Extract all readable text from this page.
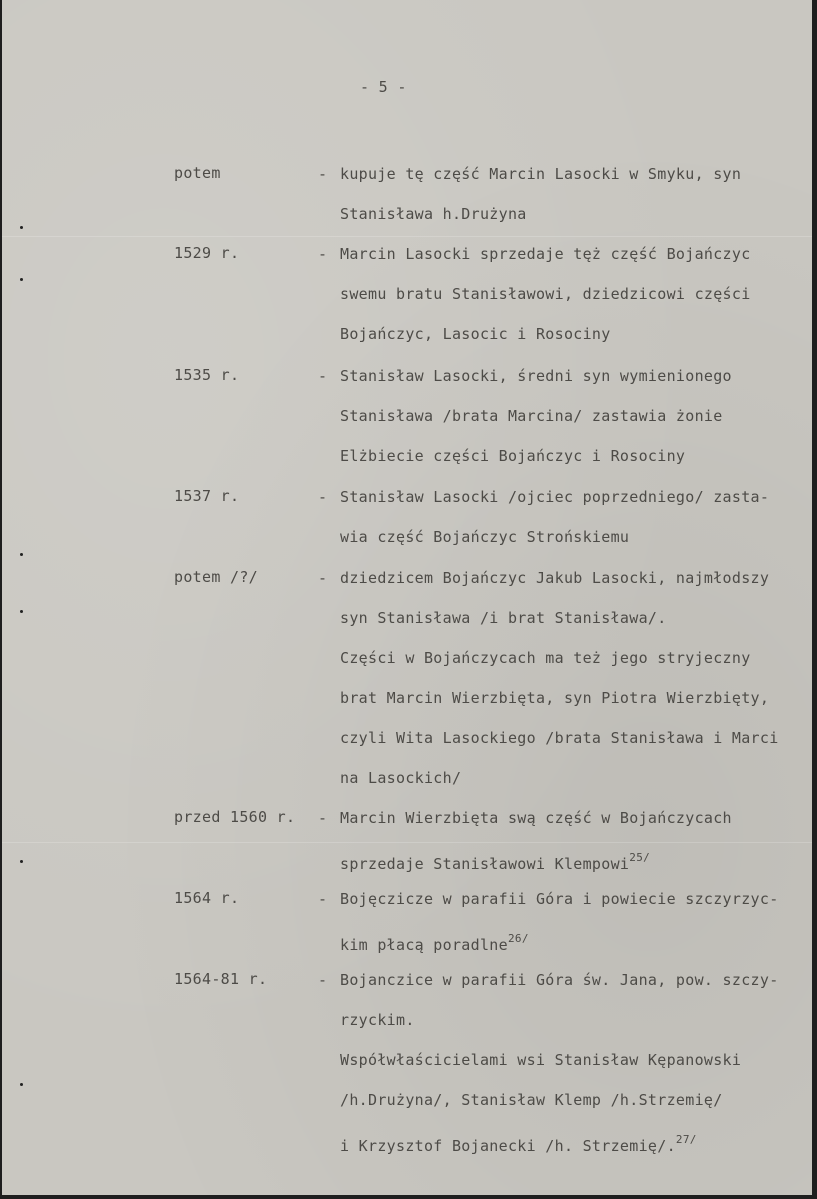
- 5 -
potem	- kupuje tę część Marcin Lasocki w Smyku, syn
Stanisława h.Drużyna
1529 r.	- Marcin Lasocki sprzedaje tęż część Bojańczyc
swemu bratu Stanisławowi, dziedzicowi części
Bojańczyc, Lasocic i Rosociny
1535 r.	- Stanisław Lasocki, średni syn wymienionego
Stanisława /brata Marcina/ zastawia żonie
Elżbiecie części Bojańczyc i Rosociny
1537 r.	- Stanisław Lasocki /ojciec poprzedniego/ zasta-
wia część Bojańczyc Strońskiemu
potem /?/	- dziedzicem Bojańczyc Jakub Lasocki, najmłodszy
syn Stanisława /i brat Stanisława/.
Części w Bojańczycach ma też jego stryjeczny
brat Marcin Wierzbięta, syn Piotra Wierzbięty,
czyli Wita Lasockiego /brata Stanisława i Marci
na Lasockich/
przed 1560 r. - Marcin Wierzbięta swą część w Bojańczycach
sprzedaje Stanisławowi Klempowi$^{25/}$
1564 r.	- Bojęczicze w parafii Góra i powiecie szczyrzyc-
kim płacą poradlne$^{26/}$
1564-81 r.	- Bojanczice w parafii Góra św. Jana, pow. szczy-
rzyckim.
Współwłaścicielami wsi Stanisław Kępanowski
/h.Drużyna/, Stanisław Klemp /h.Strzemię/
i Krzysztof Bojanecki /h. Strzemię/.$^{27/}$
